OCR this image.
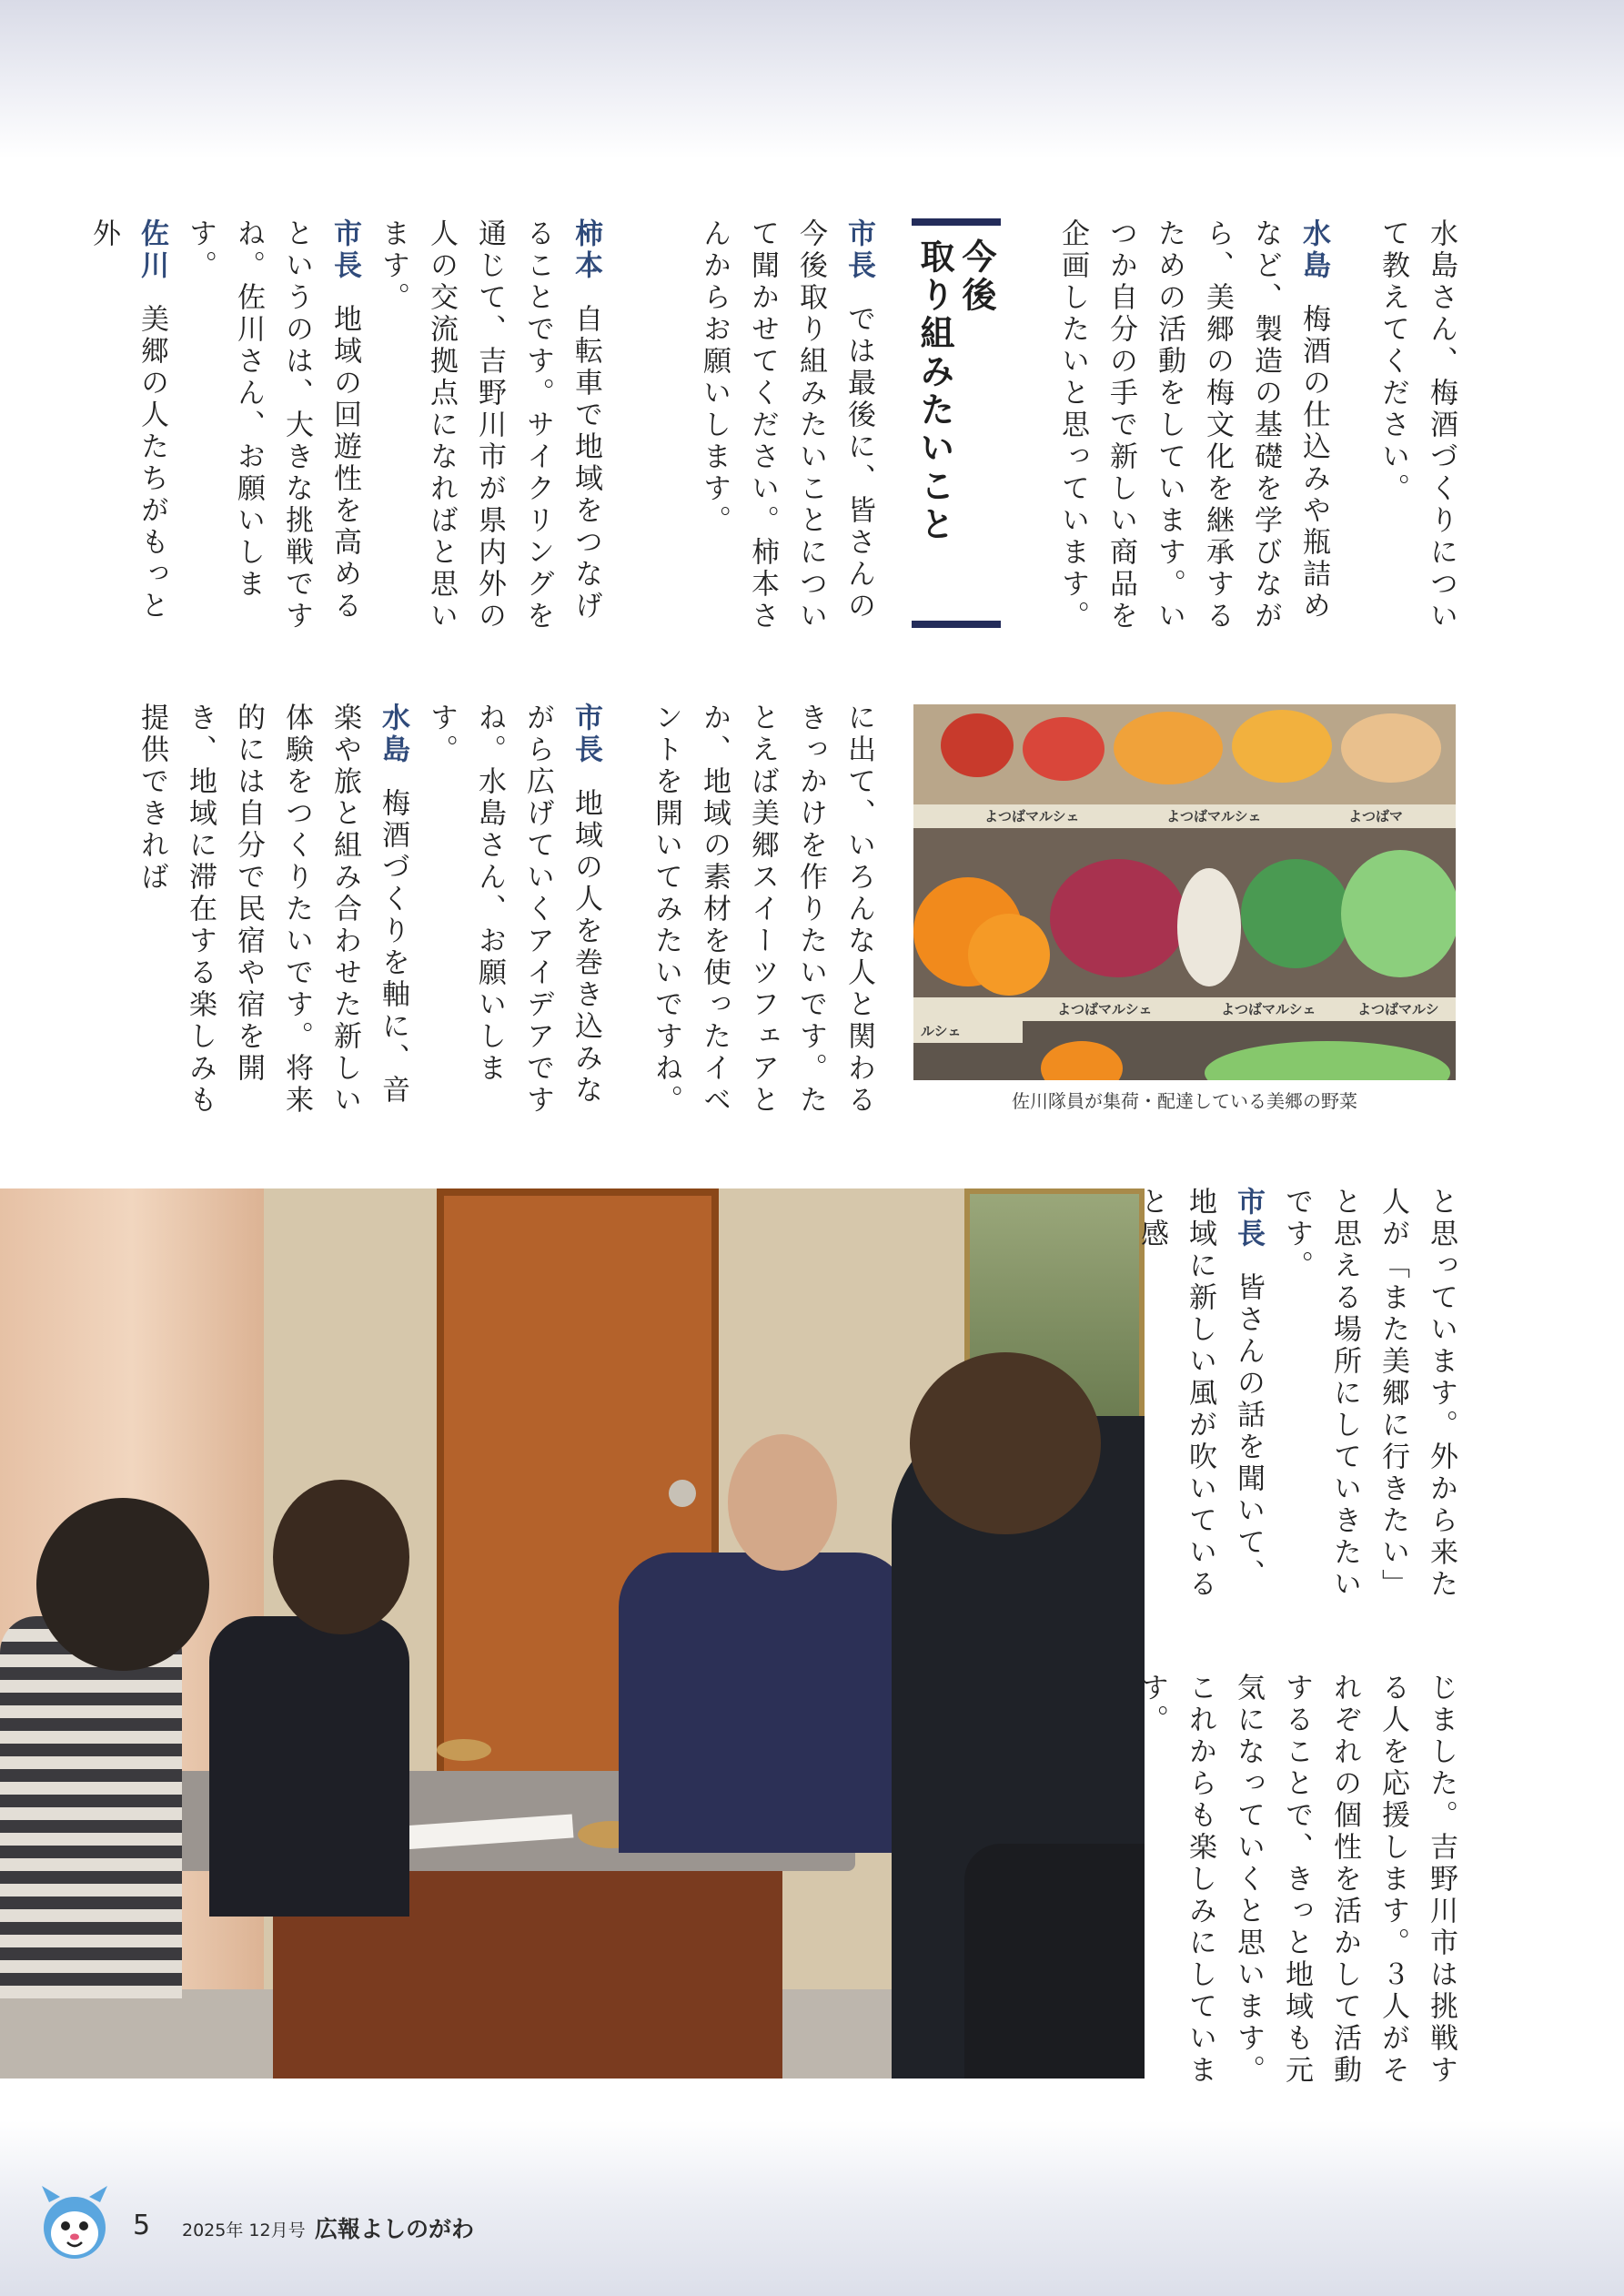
水島さん、梅酒づくりについて教えてください。

水島梅酒の仕込みや瓶詰めなど、製造の基礎を学びながら、美郷の梅文化を継承するための活動をしています。いつか自分の手で新しい商品を企画したいと思っています。

今後

取り組みたいこと

市長では最後に、皆さんの今後取り組みたいことについて聞かせてください。柿本さんからお願いします。

柿本自転車で地域をつなげることです。サイクリングを通じて、吉野川市が県内外の人の交流拠点になればと思います。

市長地域の回遊性を高めるというのは、大きな挑戦ですね。佐川さん、お願いします。

佐川美郷の人たちがもっと外

よつばマルシェ	よつばマルシェ	よつばマ
よつばマルシェ	よつばマルシェ	よつばマルシ
ルシェ
佐川隊員が集荷・配達している美郷の野菜

に出て、いろんな人と関わるきっかけを作りたいです。たとえば美郷スイーツフェアとか、地域の素材を使ったイベントを開いてみたいですね。

市長地域の人を巻き込みながら広げていくアイデアですね。水島さん、お願いします。

水島梅酒づくりを軸に、音楽や旅と組み合わせた新しい体験をつくりたいです。将来的には自分で民宿や宿を開き、地域に滞在する楽しみも提供できれば

と思っています。外から来た人が「また美郷に行きたい」と思える場所にしていきたいです。

市長皆さんの話を聞いて、地域に新しい風が吹いていると感

じました。吉野川市は挑戦する人を応援します。３人がそれぞれの個性を活かして活動することで、きっと地域も元気になっていくと思います。これからも楽しみにしています。

5 2025年 12月号 広報よしのがわ
